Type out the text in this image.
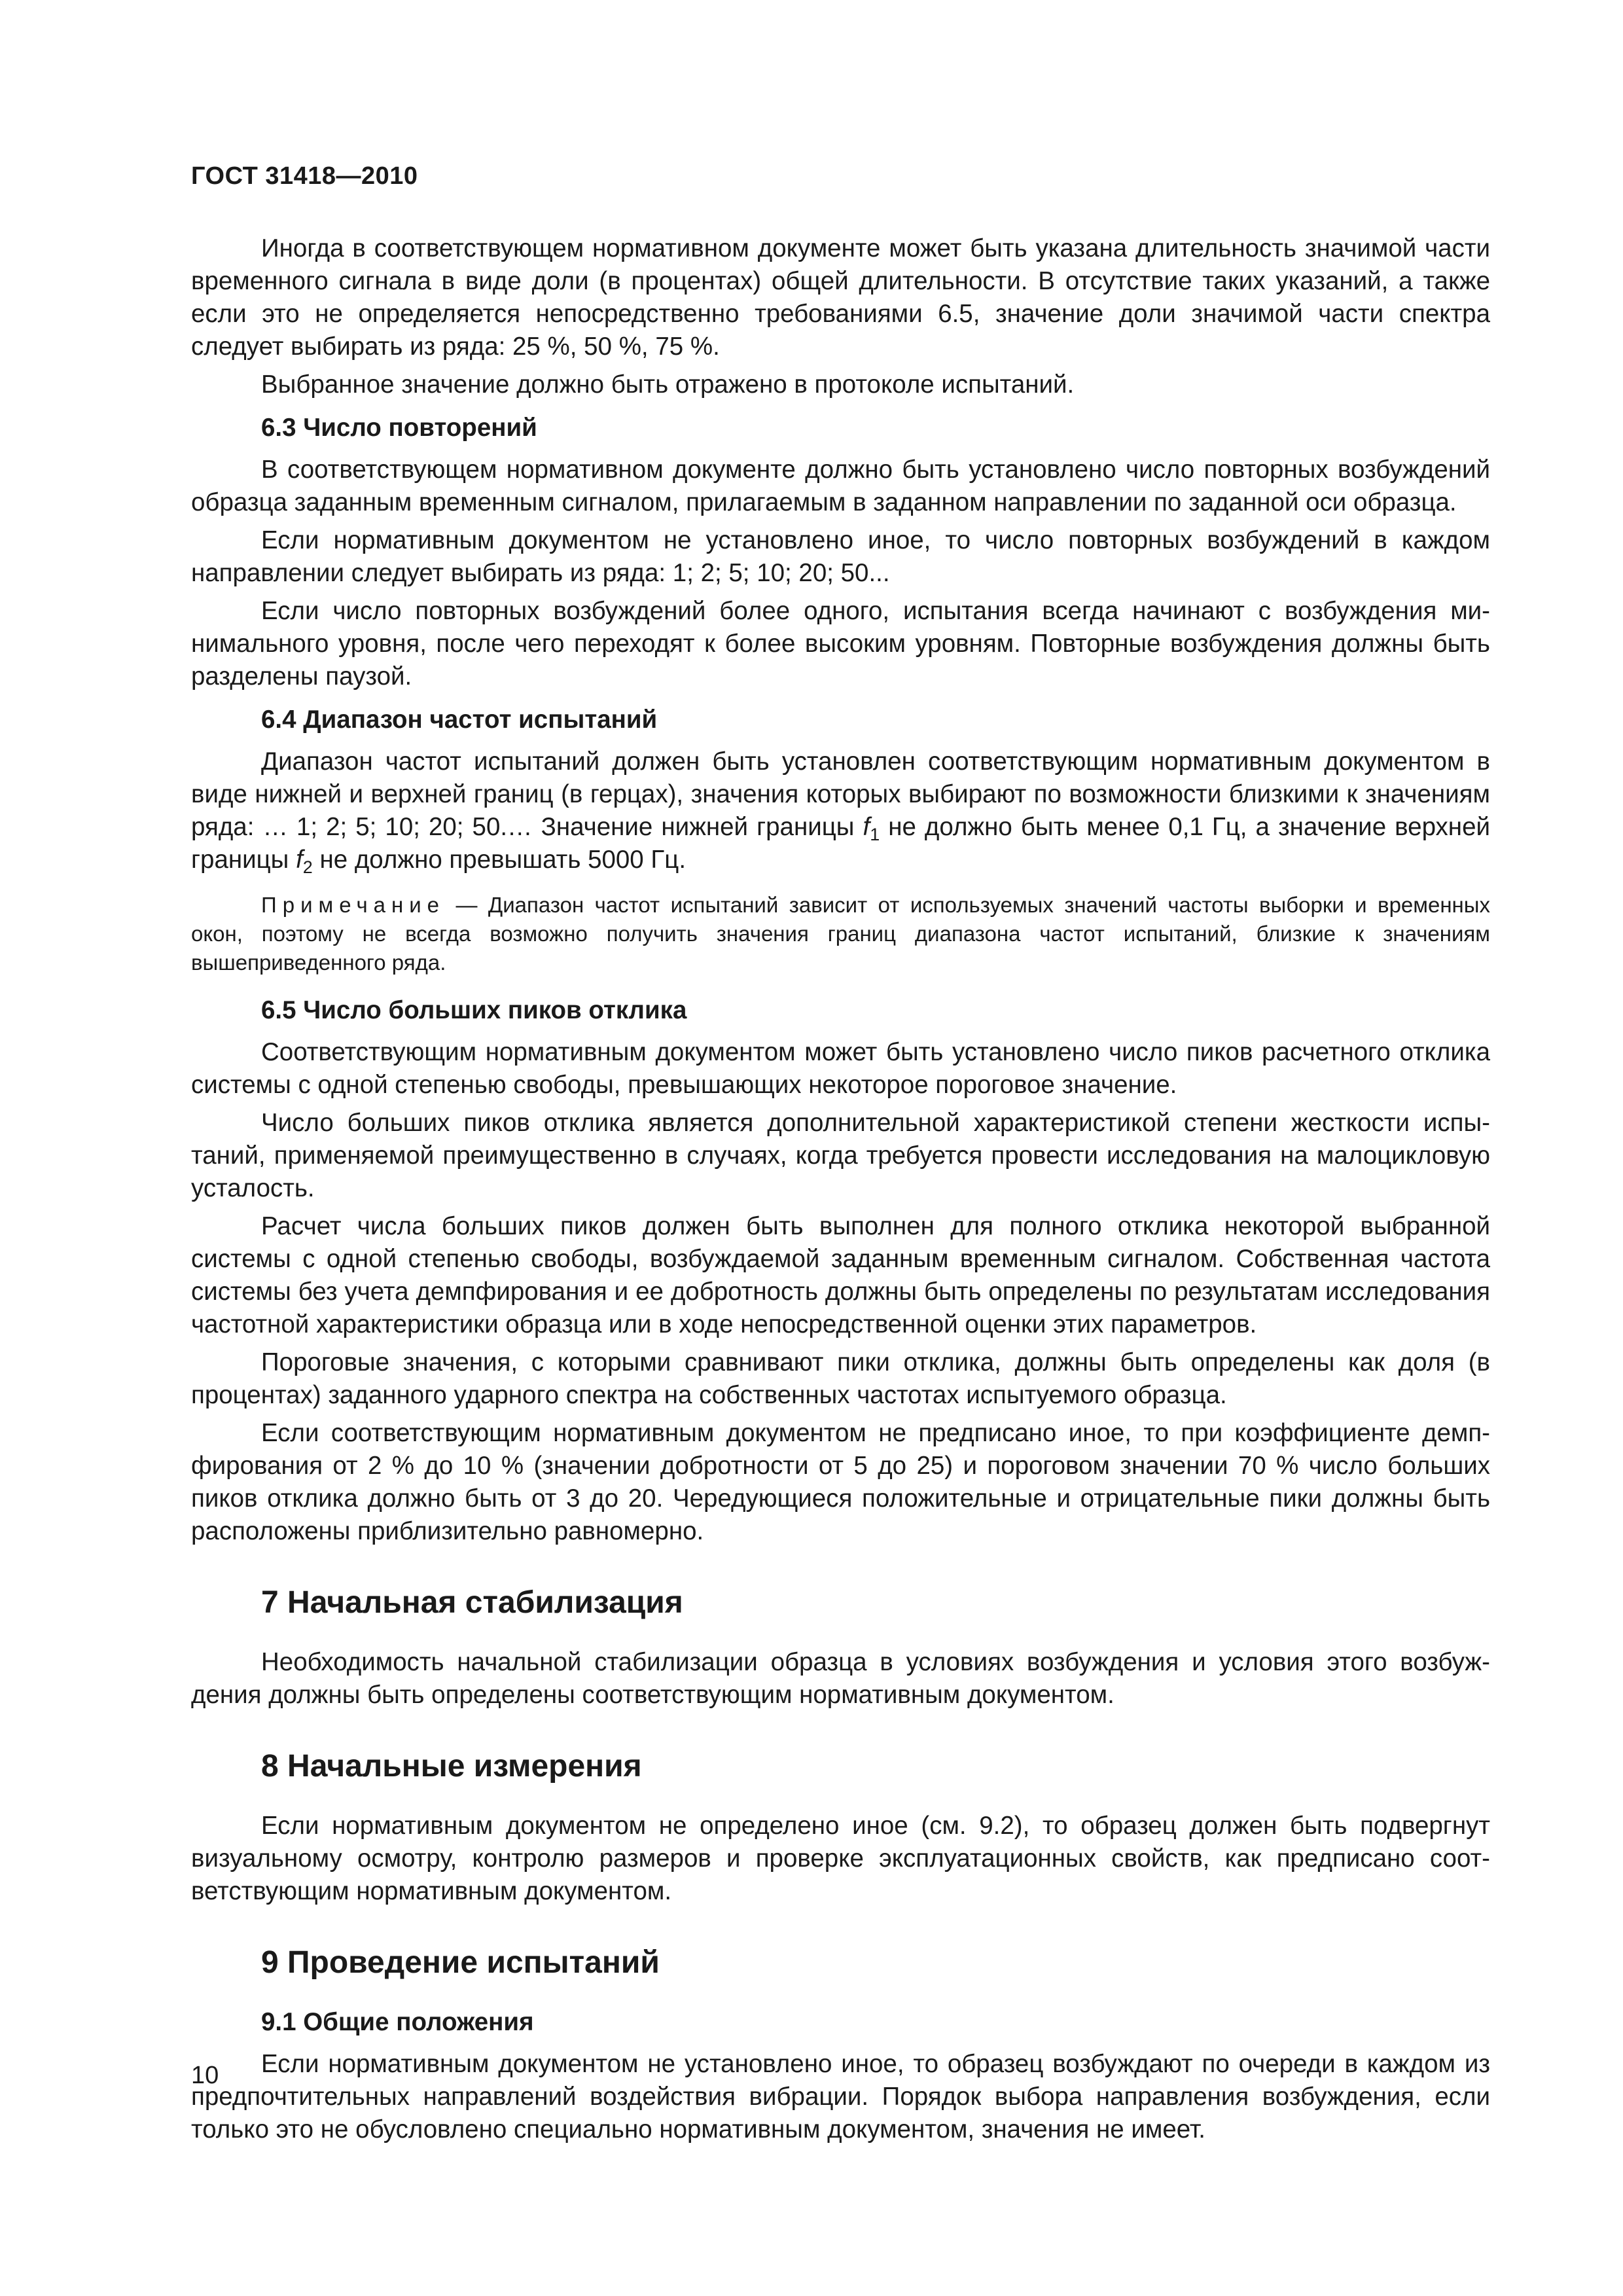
ГОСТ 31418—2010

Иногда в соответствующем нормативном документе может быть указана длительность значимой части временного сигнала в виде доли (в процентах) общей длительности. В отсутствие таких указаний, а также если это не определяется непосредственно требованиями 6.5, значение доли значимой части спектра следует выбирать из ряда: 25 %, 50 %, 75 %.

Выбранное значение должно быть отражено в протоколе испытаний.

6.3 Число повторений

В соответствующем нормативном документе должно быть установлено число повторных возбуждений образца заданным временным сигналом, прилагаемым в заданном направлении по заданной оси образца.

Если нормативным документом не установлено иное, то число повторных возбуждений в каждом направлении следует выбирать из ряда: 1; 2; 5; 10; 20; 50...

Если число повторных возбуждений более одного, испытания всегда начинают с возбуждения минимального уровня, после чего переходят к более высоким уровням. Повторные возбуждения должны быть разделены паузой.

6.4 Диапазон частот испытаний

Диапазон частот испытаний должен быть установлен соответствующим нормативным документом в виде нижней и верхней границ (в герцах), значения которых выбирают по возможности близкими к значениям ряда: … 1; 2; 5; 10; 20; 50.… Значение нижней границы $f_1$ не должно быть менее 0,1 Гц, а значение верхней границы $f_2$ не должно превышать 5000 Гц.

Примечание — Диапазон частот испытаний зависит от используемых значений частоты выборки и временных окон, поэтому не всегда возможно получить значения границ диапазона частот испытаний, близкие к значениям вышеприведенного ряда.
6.5 Число больших пиков отклика

Соответствующим нормативным документом может быть установлено число пиков расчетного отклика системы с одной степенью свободы, превышающих некоторое пороговое значение.

Число больших пиков отклика является дополнительной характеристикой степени жесткости испытаний, применяемой преимущественно в случаях, когда требуется провести исследования на малоцикловую усталость.

Расчет числа больших пиков должен быть выполнен для полного отклика некоторой выбранной системы с одной степенью свободы, возбуждаемой заданным временным сигналом. Собственная частота системы без учета демпфирования и ее добротность должны быть определены по результатам исследования частотной характеристики образца или в ходе непосредственной оценки этих параметров.

Пороговые значения, с которыми сравнивают пики отклика, должны быть определены как доля (в процентах) заданного ударного спектра на собственных частотах испытуемого образца.

Если соответствующим нормативным документом не предписано иное, то при коэффициенте демпфирования от 2 % до 10 % (значении добротности от 5 до 25) и пороговом значении 70 % число больших пиков отклика должно быть от 3 до 20. Чередующиеся положительные и отрицательные пики должны быть расположены приблизительно равномерно.

7 Начальная стабилизация

Необходимость начальной стабилизации образца в условиях возбуждения и условия этого возбуждения должны быть определены соответствующим нормативным документом.

8 Начальные измерения

Если нормативным документом не определено иное (см. 9.2), то образец должен быть подвергнут визуальному осмотру, контролю размеров и проверке эксплуатационных свойств, как предписано соответствующим нормативным документом.

9 Проведение испытаний
9.1 Общие положения

Если нормативным документом не установлено иное, то образец возбуждают по очереди в каждом из предпочтительных направлений воздействия вибрации. Порядок выбора направления возбуждения, если только это не обусловлено специально нормативным документом, значения не имеет.

10
